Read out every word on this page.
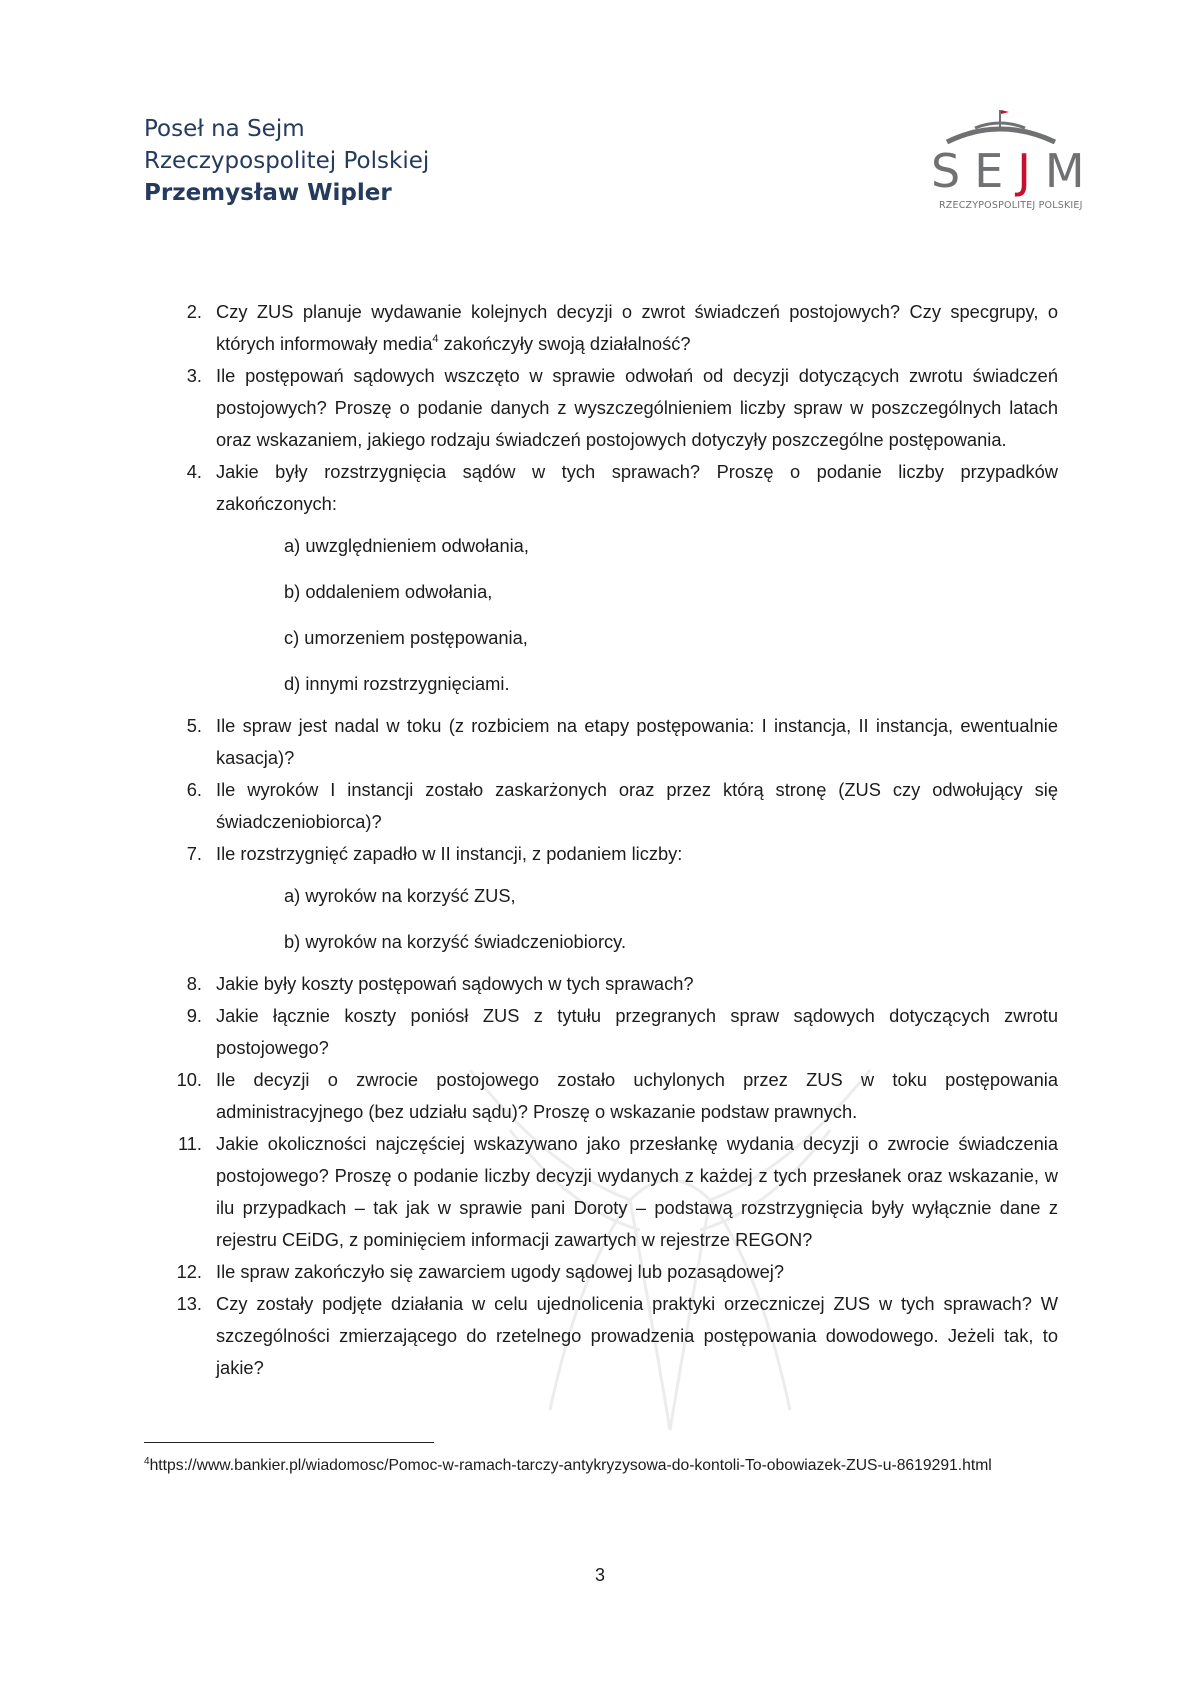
Poseł na Sejm
Rzeczypospolitej Polskiej
Przemysław Wipler	SEJM
RZECZYPOSPOLITEJ POLSKIEJ
2. Czy ZUS planuje wydawanie kolejnych decyzji o zwrot świadczeń postojowych? Czy specgrupy, o których informowały media$^4$ zakończyły swoją działalność?
3. Ile postępowań sądowych wszczęto w sprawie odwołań od decyzji dotyczących zwrotu świadczeń postojowych? Proszę o podanie danych z wyszczególnieniem liczby spraw w poszczególnych latach oraz wskazaniem, jakiego rodzaju świadczeń postojowych dotyczyły poszczególne postępowania.
4. Jakie były rozstrzygnięcia sądów w tych sprawach? Proszę o podanie liczby przypadków zakończonych:
a) uwzględnieniem odwołania,
b) oddaleniem odwołania,
c) umorzeniem postępowania,
d) innymi rozstrzygnięciami.
5. Ile spraw jest nadal w toku (z rozbiciem na etapy postępowania: I instancja, II instancja, ewentualnie kasacja)?
6. Ile wyroków I instancji zostało zaskarżonych oraz przez którą stronę (ZUS czy odwołujący się świadczeniobiorca)?
7. Ile rozstrzygnięć zapadło w II instancji, z podaniem liczby:
a) wyroków na korzyść ZUS,
b) wyroków na korzyść świadczeniobiorcy.
8. Jakie były koszty postępowań sądowych w tych sprawach?
9. Jakie łącznie koszty poniósł ZUS z tytułu przegranych spraw sądowych dotyczących zwrotu postojowego?
10. Ile decyzji o zwrocie postojowego zostało uchylonych przez ZUS w toku postępowania administracyjnego (bez udziału sądu)? Proszę o wskazanie podstaw prawnych.
11. Jakie okoliczności najczęściej wskazywano jako przesłankę wydania decyzji o zwrocie świadczenia postojowego? Proszę o podanie liczby decyzji wydanych z każdej z tych przesłanek oraz wskazanie, w ilu przypadkach – tak jak w sprawie pani Doroty – podstawą rozstrzygnięcia były wyłącznie dane z rejestru CEiDG, z pominięciem informacji zawartych w rejestrze REGON?
12. Ile spraw zakończyło się zawarciem ugody sądowej lub pozasądowej?
13. Czy zostały podjęte działania w celu ujednolicenia praktyki orzeczniczej ZUS w tych sprawach? W szczególności zmierzającego do rzetelnego prowadzenia postępowania dowodowego. Jeżeli tak, to jakie?
$^4$https://www.bankier.pl/wiadomosc/Pomoc-w-ramach-tarczy-antykryzysowa-do-kontoli-To-obowiazek-ZUS-u-8619291.html
3
